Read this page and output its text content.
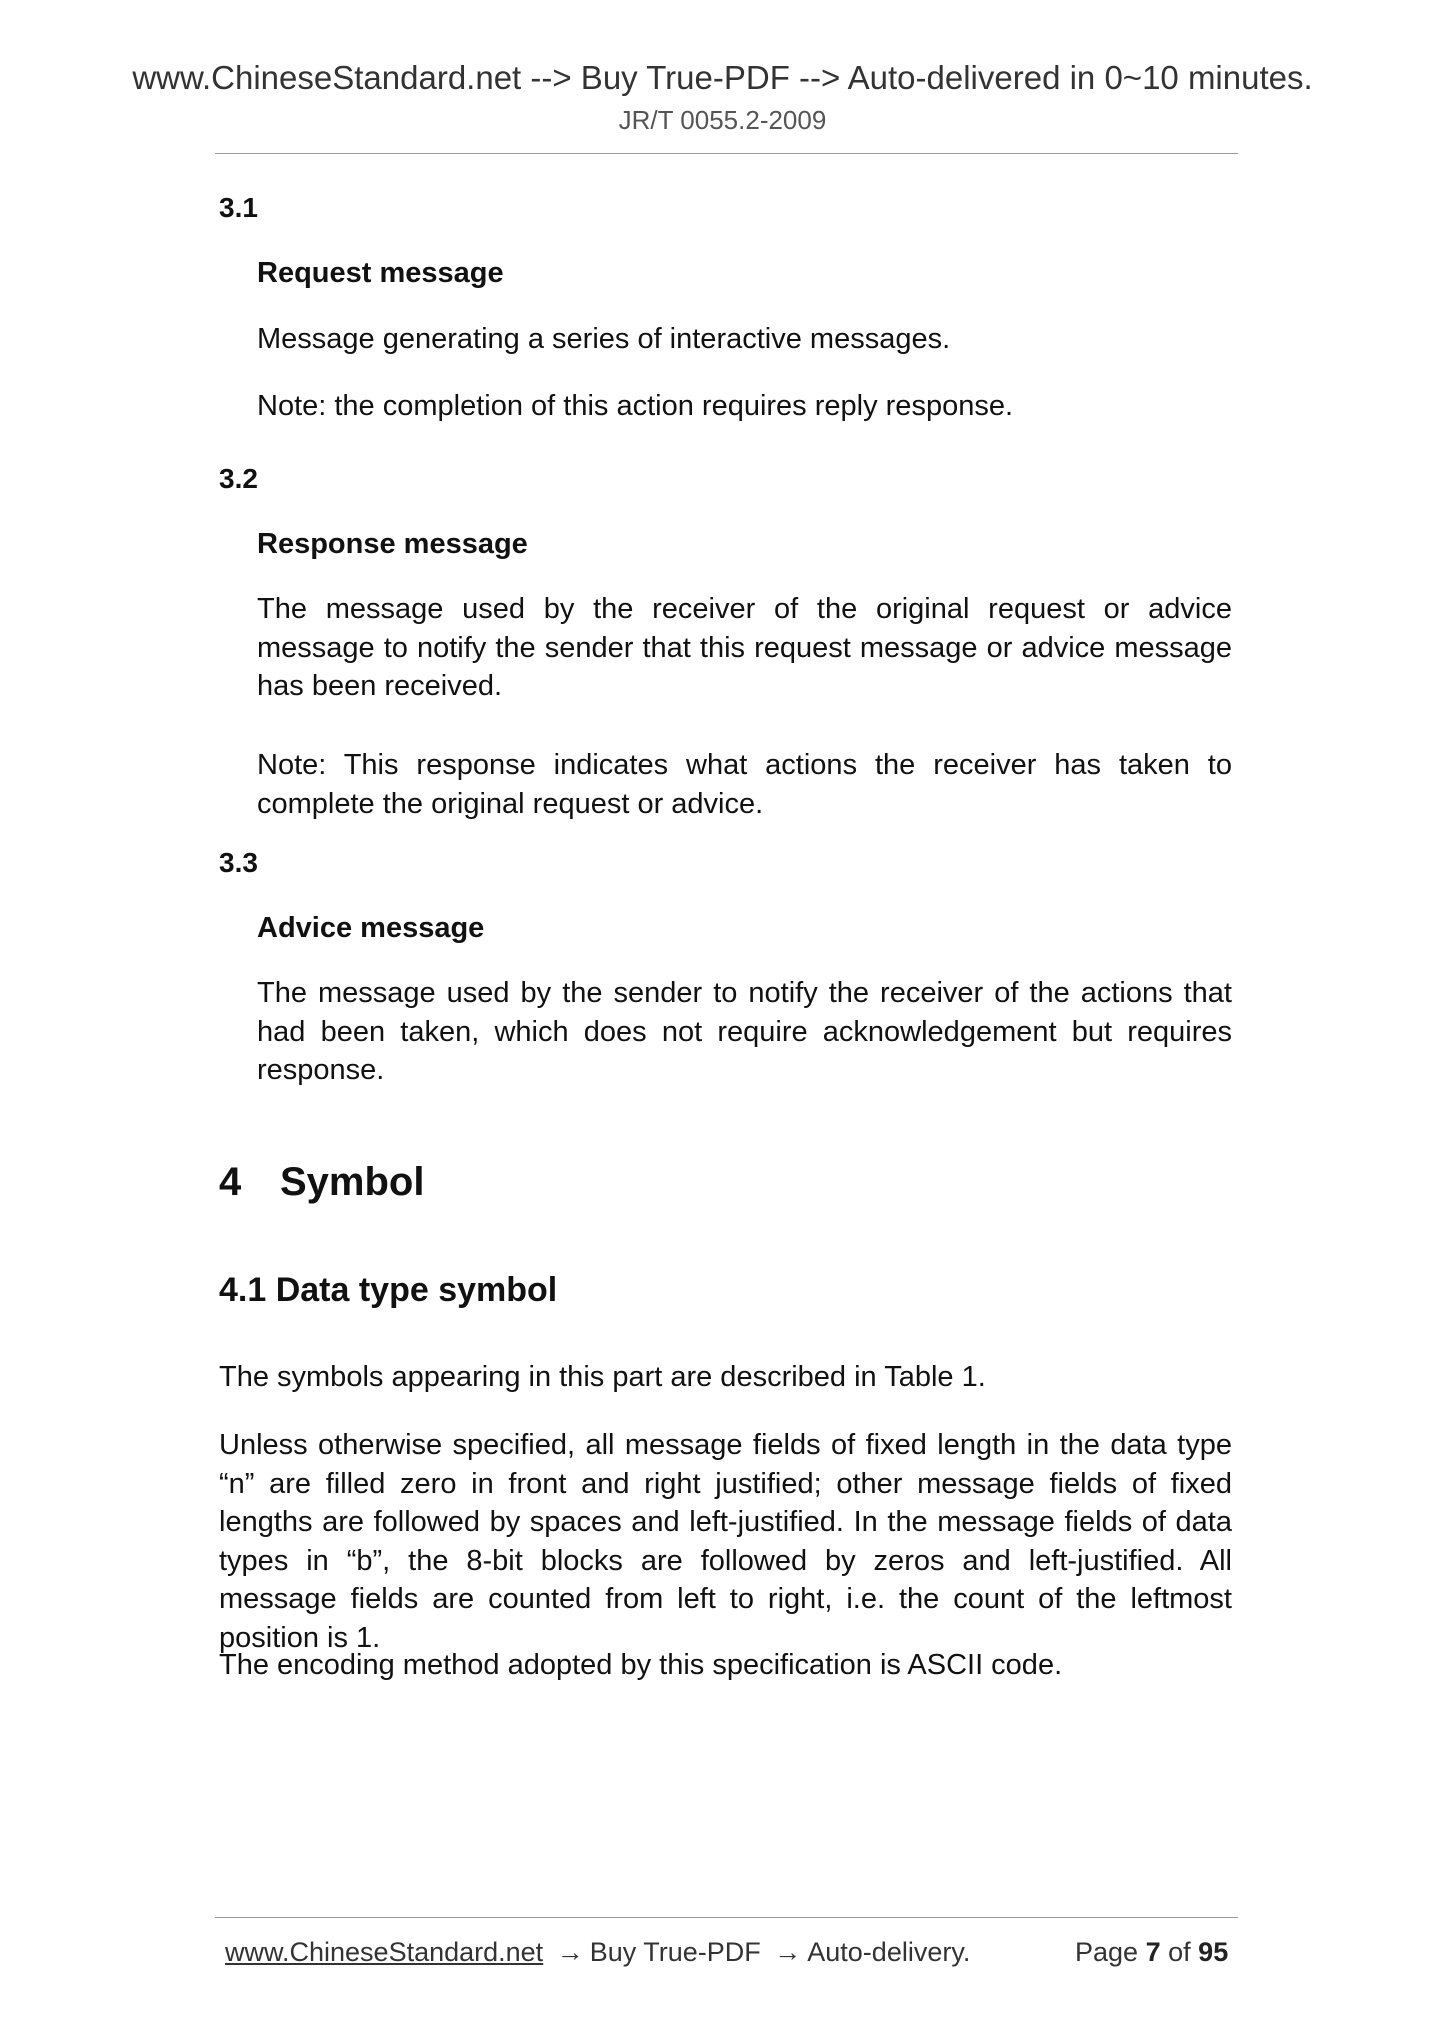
www.ChineseStandard.net --> Buy True-PDF --> Auto-delivered in 0~10 minutes.
JR/T 0055.2-2009
3.1
Request message
Message generating a series of interactive messages.
Note: the completion of this action requires reply response.
3.2
Response message
The message used by the receiver of the original request or advice message to notify the sender that this request message or advice message has been received.
Note: This response indicates what actions the receiver has taken to complete the original request or advice.
3.3
Advice message
The message used by the sender to notify the receiver of the actions that had been taken, which does not require acknowledgement but requires response.
4 Symbol
4.1 Data type symbol
The symbols appearing in this part are described in Table 1.
Unless otherwise specified, all message fields of fixed length in the data type “n” are filled zero in front and right justified; other message fields of fixed lengths are followed by spaces and left-justified. In the message fields of data types in “b”, the 8-bit blocks are followed by zeros and left-justified. All message fields are counted from left to right, i.e. the count of the leftmost position is 1.
The encoding method adopted by this specification is ASCII code.
www.ChineseStandard.net → Buy True-PDF → Auto-delivery.	Page 7 of 95
